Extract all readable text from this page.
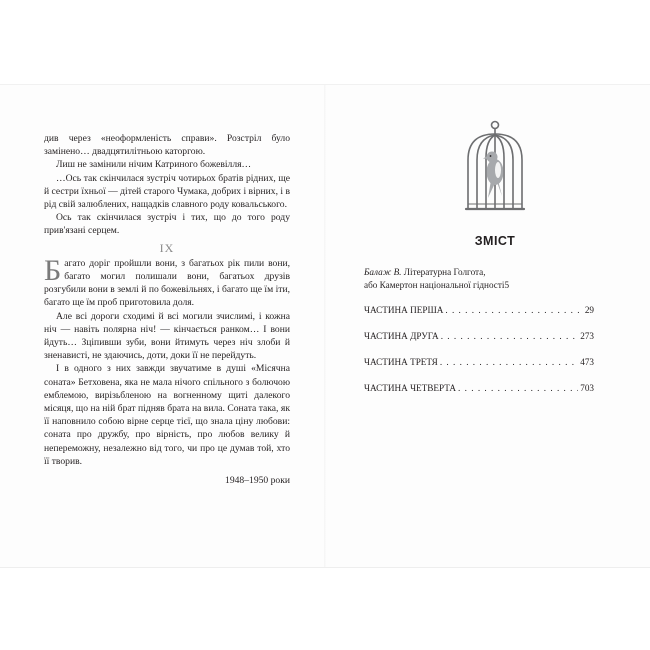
див через «неоформленість справи». Розстріл було замінено… двадцятилітньою каторгою.

Лиш не замінили нічим Катриного божевілля…

…Ось так скінчилася зустріч чотирьох братів рідних, ще й сестри їхньої — дітей старого Чумака, добрих і вірних, і в рід свій залюблених, нащадків славного роду ковальського.

Ось так скінчилася зустріч і тих, що до того роду прив'язані серцем.

IX

Багато доріг пройшли вони, з багатьох рік пили вони, багато могил полишали вони, багатьох друзів розгубили вони в землі й по божевільнях, і багато ще їм іти, багато ще їм проб приготовила доля.

Але всі дороги сходимі й всі могили зчислимі, і кожна ніч — навіть полярна ніч! — кінчається ранком… І вони йдуть… Зціпивши зуби, вони йтимуть через ніч злоби й зненависті, не здаючись, доти, доки її не перейдуть.

І в одного з них завжди звучатиме в душі «Місячна соната» Бетховена, яка не мала нічого спільного з болючою емблемою, вирізьбленою на вогненному щиті далекого місяця, що на ній брат підняв брата на вила. Соната така, як її наповнило собою вірне серце тієї, що знала ціну любови: соната про дружбу, про вірність, про любов велику й непереможну, незалежно від того, чи про це думав той, хто її творив.

1948–1950 роки

ЗМІСТ
Балаж В. Літературна Голгота,
або Камертон національної гідності 5
ЧАСТИНА ПЕРША . . .	29
ЧАСТИНА ДРУГА . . .	273
ЧАСТИНА ТРЕТЯ . . .	473
ЧАСТИНА ЧЕТВЕРТА . . .	703
